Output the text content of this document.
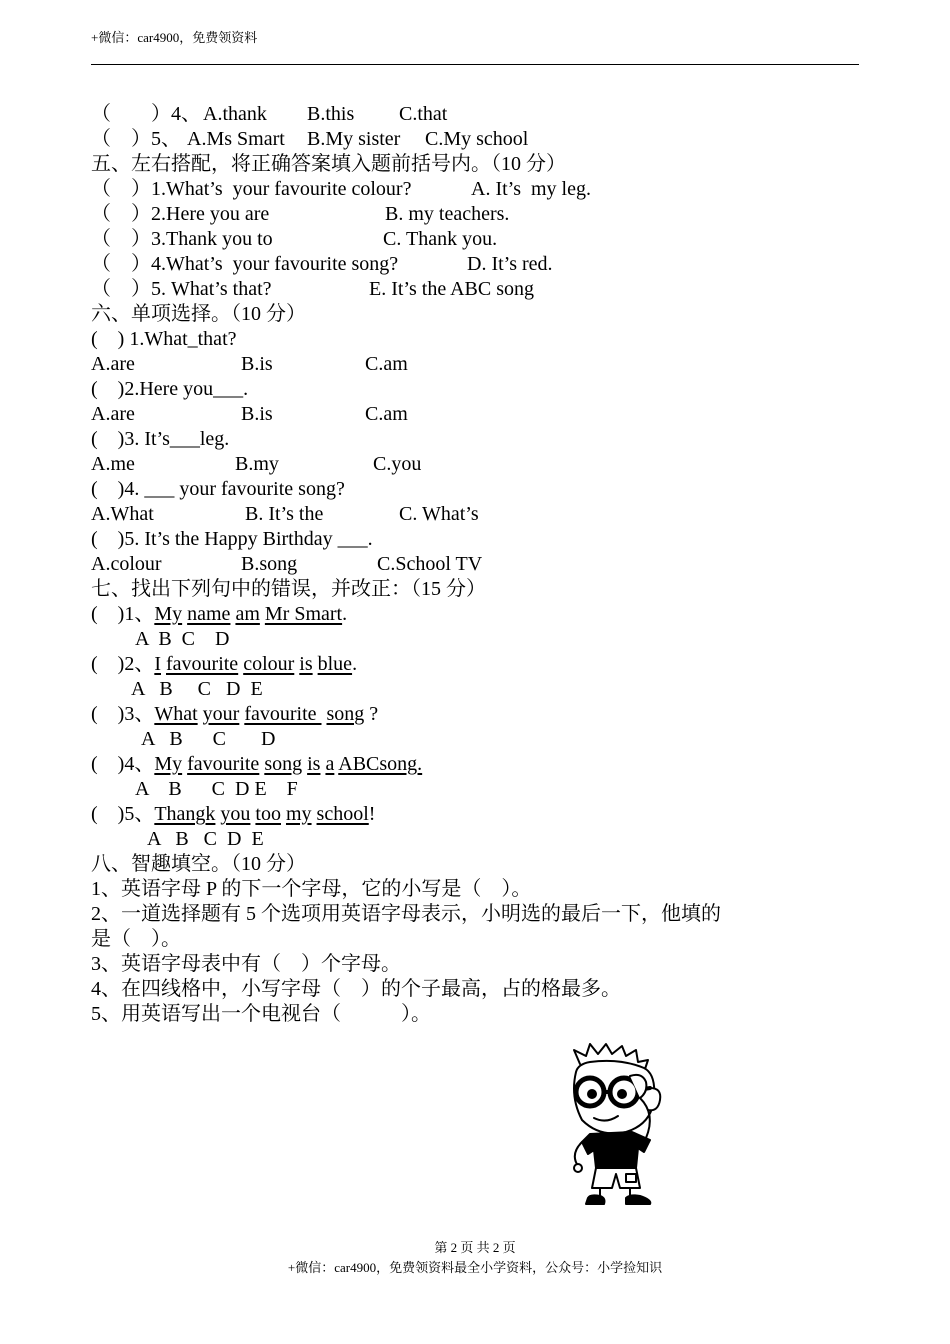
+微信：car4900，免费领资料

（　　）4、

A.thank

B.this

C.that

（　）5、

A.Ms Smart

B.My sister

C.My school

五、左右搭配，将正确答案填入题前括号内。（10 分）

（　）1.What’s  your favourite colour?

	A. It’s  my leg.

（　）2.Here you are

	B. my teachers.

（　）3.Thank you to

	C. Thank you.

（　）4.What’s  your favourite song?

	D. It’s red.

（　）5. What’s that?

	E. It’s the ABC song

六、单项选择。（10 分）
(　) 1.What_that?

A.are

	B.is

	C.am

(　)2.Here you___.

A.are

	B.is

	C.am

(　)3. It’s___leg.

A.me

	B.my

	C.you

(　)4. ___ your favourite song?

A.What

	B. It’s the

	C. What’s

(　)5. It’s the Happy Birthday ___.

A.colour

	B.song

	C.School TV

七、找出下列句中的错误，并改正：（15 分）
(　)1、My name am Mr Smart.
A  B  C    D
(　)2、I favourite colour is blue.
A   B     C   D  E
(　)3、What your favourite  song ?
A   B      C       D
(　)4、My favourite song is a ABCsong.
A    B      C  D E    F
(　)5、Thangk you too my school!
A   B   C  D  E
八、智趣填空。（10 分）
1、英语字母 P 的下一个字母，它的小写是（　）。
2、一道选择题有 5 个选项用英语字母表示，小明选的最后一下，他填的
是（　）。
3、英语字母表中有（　）个字母。
4、在四线格中，小写字母（　）的个子最高，占的格最多。
5、用英语写出一个电视台（　　　）。
第 2 页 共 2 页
+微信：car4900，免费领资料最全小学资料，公众号：小学捡知识
